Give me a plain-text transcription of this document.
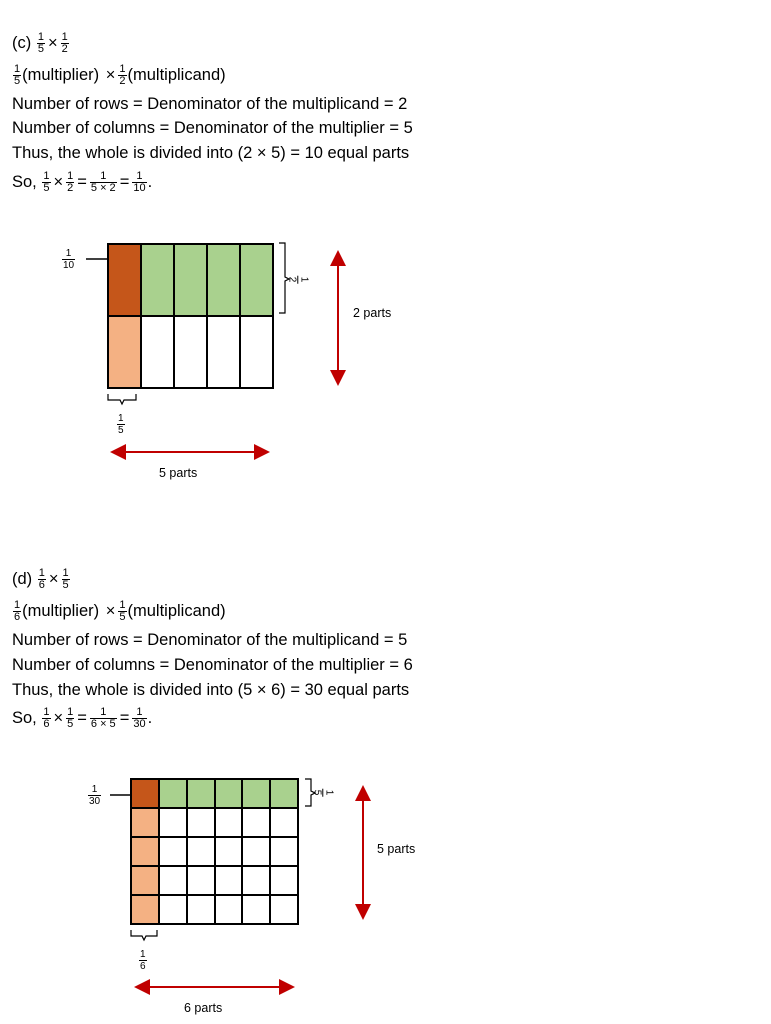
$(c) \frac{1}{5} \times \frac{1}{2}$
$\frac{1}{5}$ (multiplier) × $\frac{1}{2}$ (multiplicand)
Number of rows = Denominator of the multiplicand = 2
Number of columns = Denominator of the multiplier = 5
Thus, the whole is divided into (2 × 5) = 10 equal parts
So, $\frac{1}{5} \times \frac{1}{2} = \frac{1}{5 \times 2} = \frac{1}{10}$ .
1
10
1
2
2 parts
1
5
5 parts
$(d) \frac{1}{6} \times \frac{1}{5}$
$\frac{1}{6}$ (multiplier) × $\frac{1}{5}$ (multiplicand)
Number of rows = Denominator of the multiplicand = 5
Number of columns = Denominator of the multiplier = 6
Thus, the whole is divided into (5 × 6) = 30 equal parts
So, $\frac{1}{6} \times \frac{1}{5} = \frac{1}{6 \times 5} = \frac{1}{30}$ .
1
30
1
5
5 parts
1
6
6 parts
